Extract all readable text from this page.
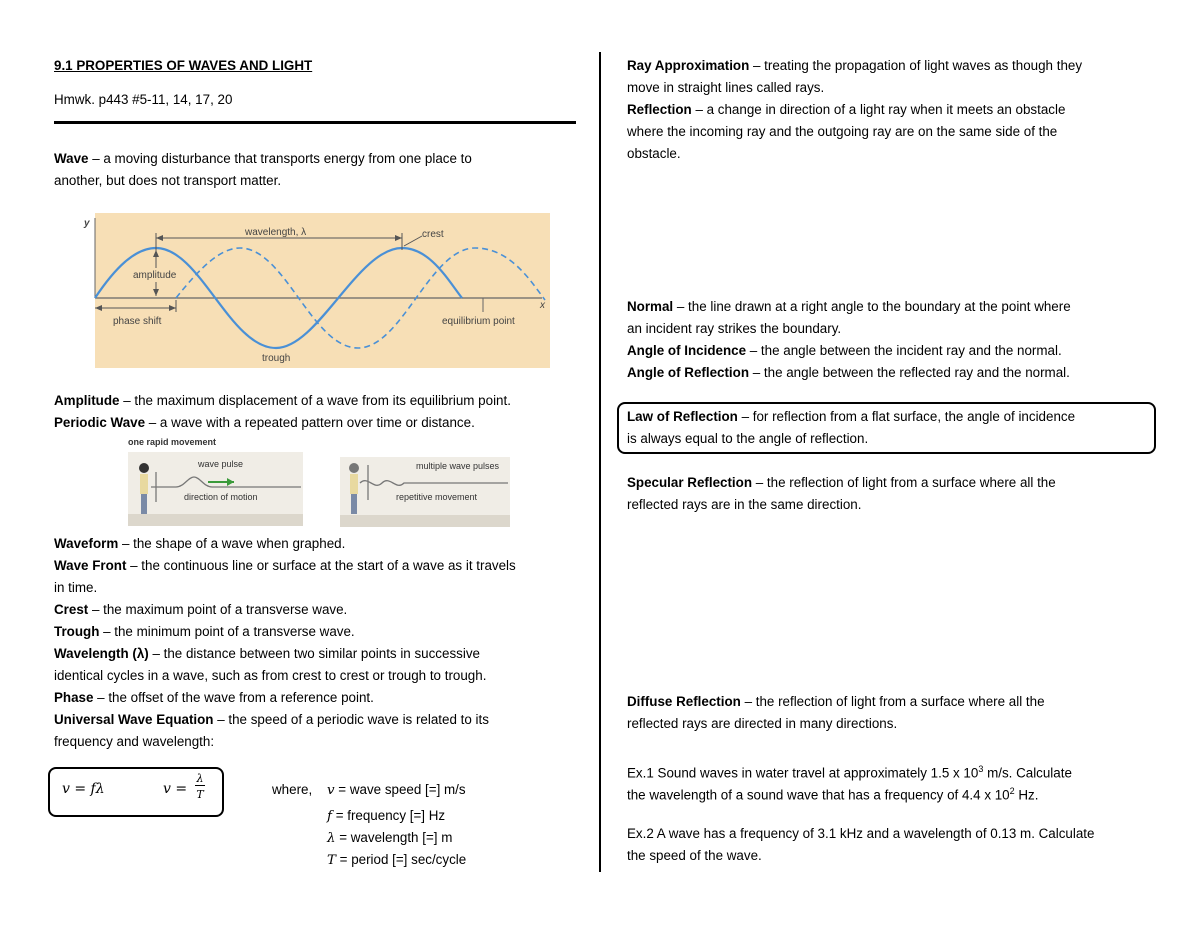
9.1 PROPERTIES OF WAVES AND LIGHT
Hmwk. p443 #5-11, 14, 17, 20
Wave – a moving disturbance that transports energy from one place to
another, but does not transport matter.
y
x
wavelength, λ	crest
amplitude
phase shift	equilibrium point
trough
Amplitude – the maximum displacement of a wave from its equilibrium point.
Periodic Wave – a wave with a repeated pattern over time or distance.
one rapid movement
wave pulse
direction of motion
multiple wave pulses
repetitive movement
Waveform – the shape of a wave when graphed.
Wave Front – the continuous line or surface at the start of a wave as it travels
in time.
Crest – the maximum point of a transverse wave.
Trough – the minimum point of a transverse wave.
Wavelength (λ) – the distance between two similar points in successive
identical cycles in a wave, such as from crest to crest or trough to trough.
Phase – the offset of the wave from a reference point.
Universal Wave Equation – the speed of a periodic wave is related to its
frequency and wavelength:
v = fλ	v =
λ
T	where, v = wave speed [=] m/s
f = frequency [=] Hz
λ = wavelength [=] m
T = period [=] sec/cycle
Ray Approximation – treating the propagation of light waves as though they
move in straight lines called rays.
Reflection – a change in direction of a light ray when it meets an obstacle
where the incoming ray and the outgoing ray are on the same side of the
obstacle.
Normal – the line drawn at a right angle to the boundary at the point where
an incident ray strikes the boundary.
Angle of Incidence – the angle between the incident ray and the normal.
Angle of Reflection – the angle between the reflected ray and the normal.
Law of Reflection – for reflection from a flat surface, the angle of incidence
is always equal to the angle of reflection.
Specular Reflection – the reflection of light from a surface where all the
reflected rays are in the same direction.
Diffuse Reflection – the reflection of light from a surface where all the
reflected rays are directed in many directions.
Ex.1 Sound waves in water travel at approximately 1.5 x $10^3$ m/s. Calculate
the wavelength of a sound wave that has a frequency of 4.4 x $10^2$ Hz.
Ex.2 A wave has a frequency of 3.1 kHz and a wavelength of 0.13 m. Calculate
the speed of the wave.
